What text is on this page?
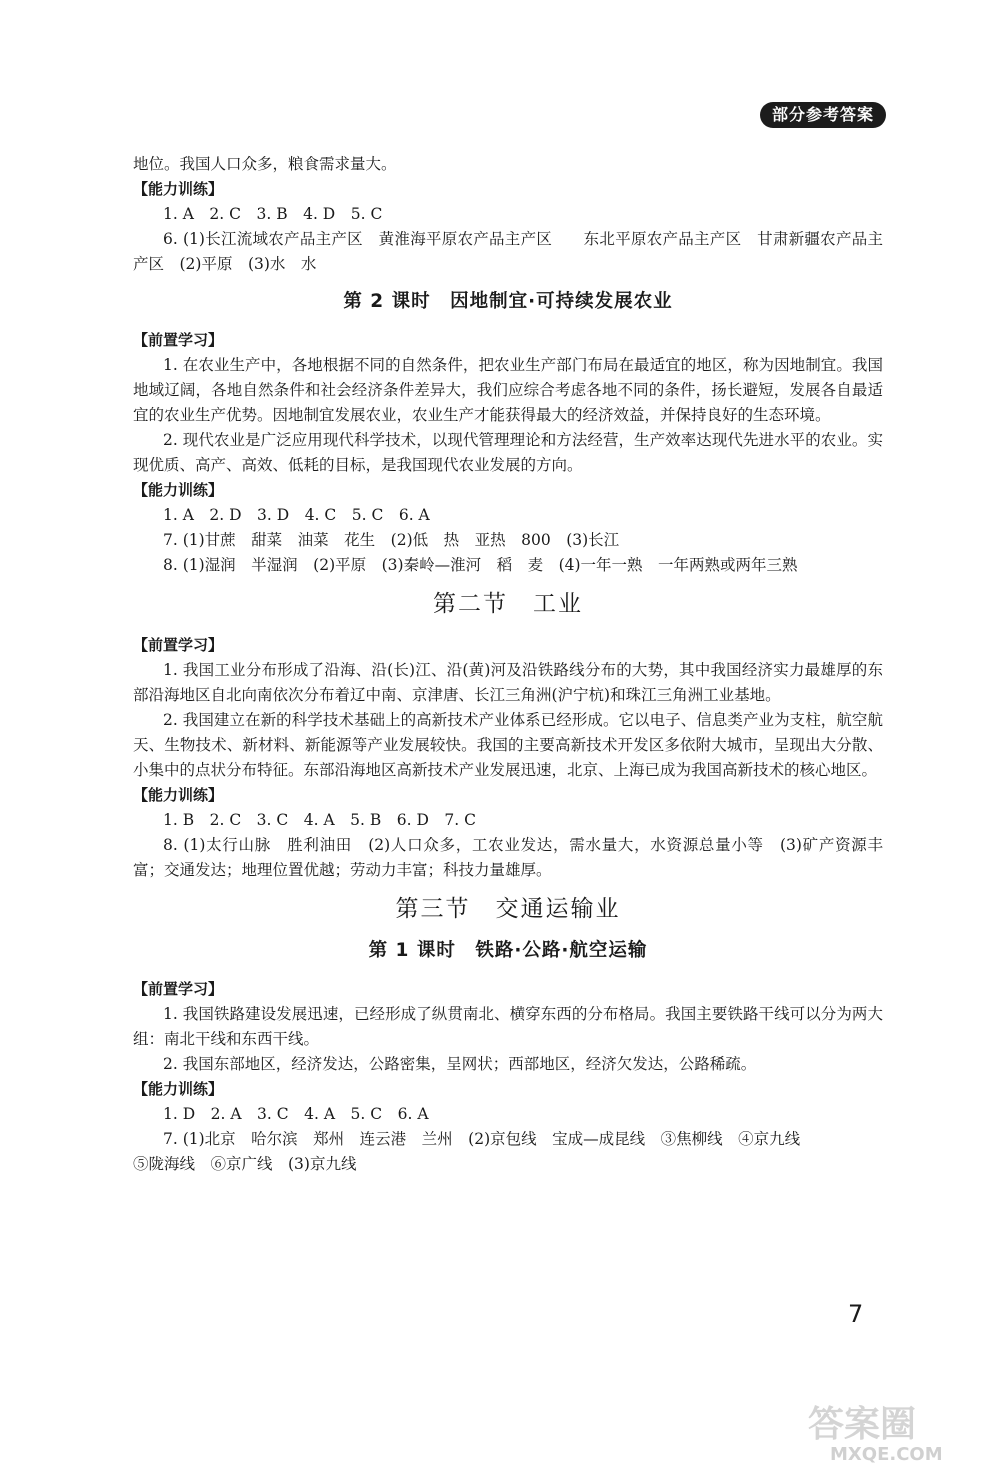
部分参考答案

地位。我国人口众多，粮食需求量大。

【能力训练】

1. A　2. C　3. B　4. D　5. C

6. (1)长江流域农产品主产区　黄淮海平原农产品主产区　　东北平原农产品主产区　甘肃新疆农产品主产区　(2)平原　(3)水　水

第 2 课时　因地制宜·可持续发展农业

【前置学习】

1. 在农业生产中，各地根据不同的自然条件，把农业生产部门布局在最适宜的地区，称为因地制宜。我国地域辽阔，各地自然条件和社会经济条件差异大，我们应综合考虑各地不同的条件，扬长避短，发展各自最适宜的农业生产优势。因地制宜发展农业，农业生产才能获得最大的经济效益，并保持良好的生态环境。

2. 现代农业是广泛应用现代科学技术，以现代管理理论和方法经营，生产效率达现代先进水平的农业。实现优质、高产、高效、低耗的目标，是我国现代农业发展的方向。

【能力训练】

1. A　2. D　3. D　4. C　5. C　6. A

7. (1)甘蔗　甜菜　油菜　花生　(2)低　热　亚热　800　(3)长江

8. (1)湿润　半湿润　(2)平原　(3)秦岭—淮河　稻　麦　(4)一年一熟　一年两熟或两年三熟

第二节　工业

【前置学习】

1. 我国工业分布形成了沿海、沿(长)江、沿(黄)河及沿铁路线分布的大势，其中我国经济实力最雄厚的东部沿海地区自北向南依次分布着辽中南、京津唐、长江三角洲(沪宁杭)和珠江三角洲工业基地。

2. 我国建立在新的科学技术基础上的高新技术产业体系已经形成。它以电子、信息类产业为支柱，航空航天、生物技术、新材料、新能源等产业发展较快。我国的主要高新技术开发区多依附大城市，呈现出大分散、小集中的点状分布特征。东部沿海地区高新技术产业发展迅速，北京、上海已成为我国高新技术的核心地区。

【能力训练】

1. B　2. C　3. C　4. A　5. B　6. D　7. C

8. (1)太行山脉　胜利油田　(2)人口众多，工农业发达，需水量大，水资源总量小等　(3)矿产资源丰富；交通发达；地理位置优越；劳动力丰富；科技力量雄厚。

第三节　交通运输业

第 1 课时　铁路·公路·航空运输

【前置学习】

1. 我国铁路建设发展迅速，已经形成了纵贯南北、横穿东西的分布格局。我国主要铁路干线可以分为两大组：南北干线和东西干线。

2. 我国东部地区，经济发达，公路密集，呈网状；西部地区，经济欠发达，公路稀疏。

【能力训练】

1. D　2. A　3. C　4. A　5. C　6. A

7. (1)北京　哈尔滨　郑州　连云港　兰州　(2)京包线　宝成—成昆线　③焦柳线　④京九线

⑤陇海线　⑥京广线　(3)京九线

7
答案圈
MXQE.COM
